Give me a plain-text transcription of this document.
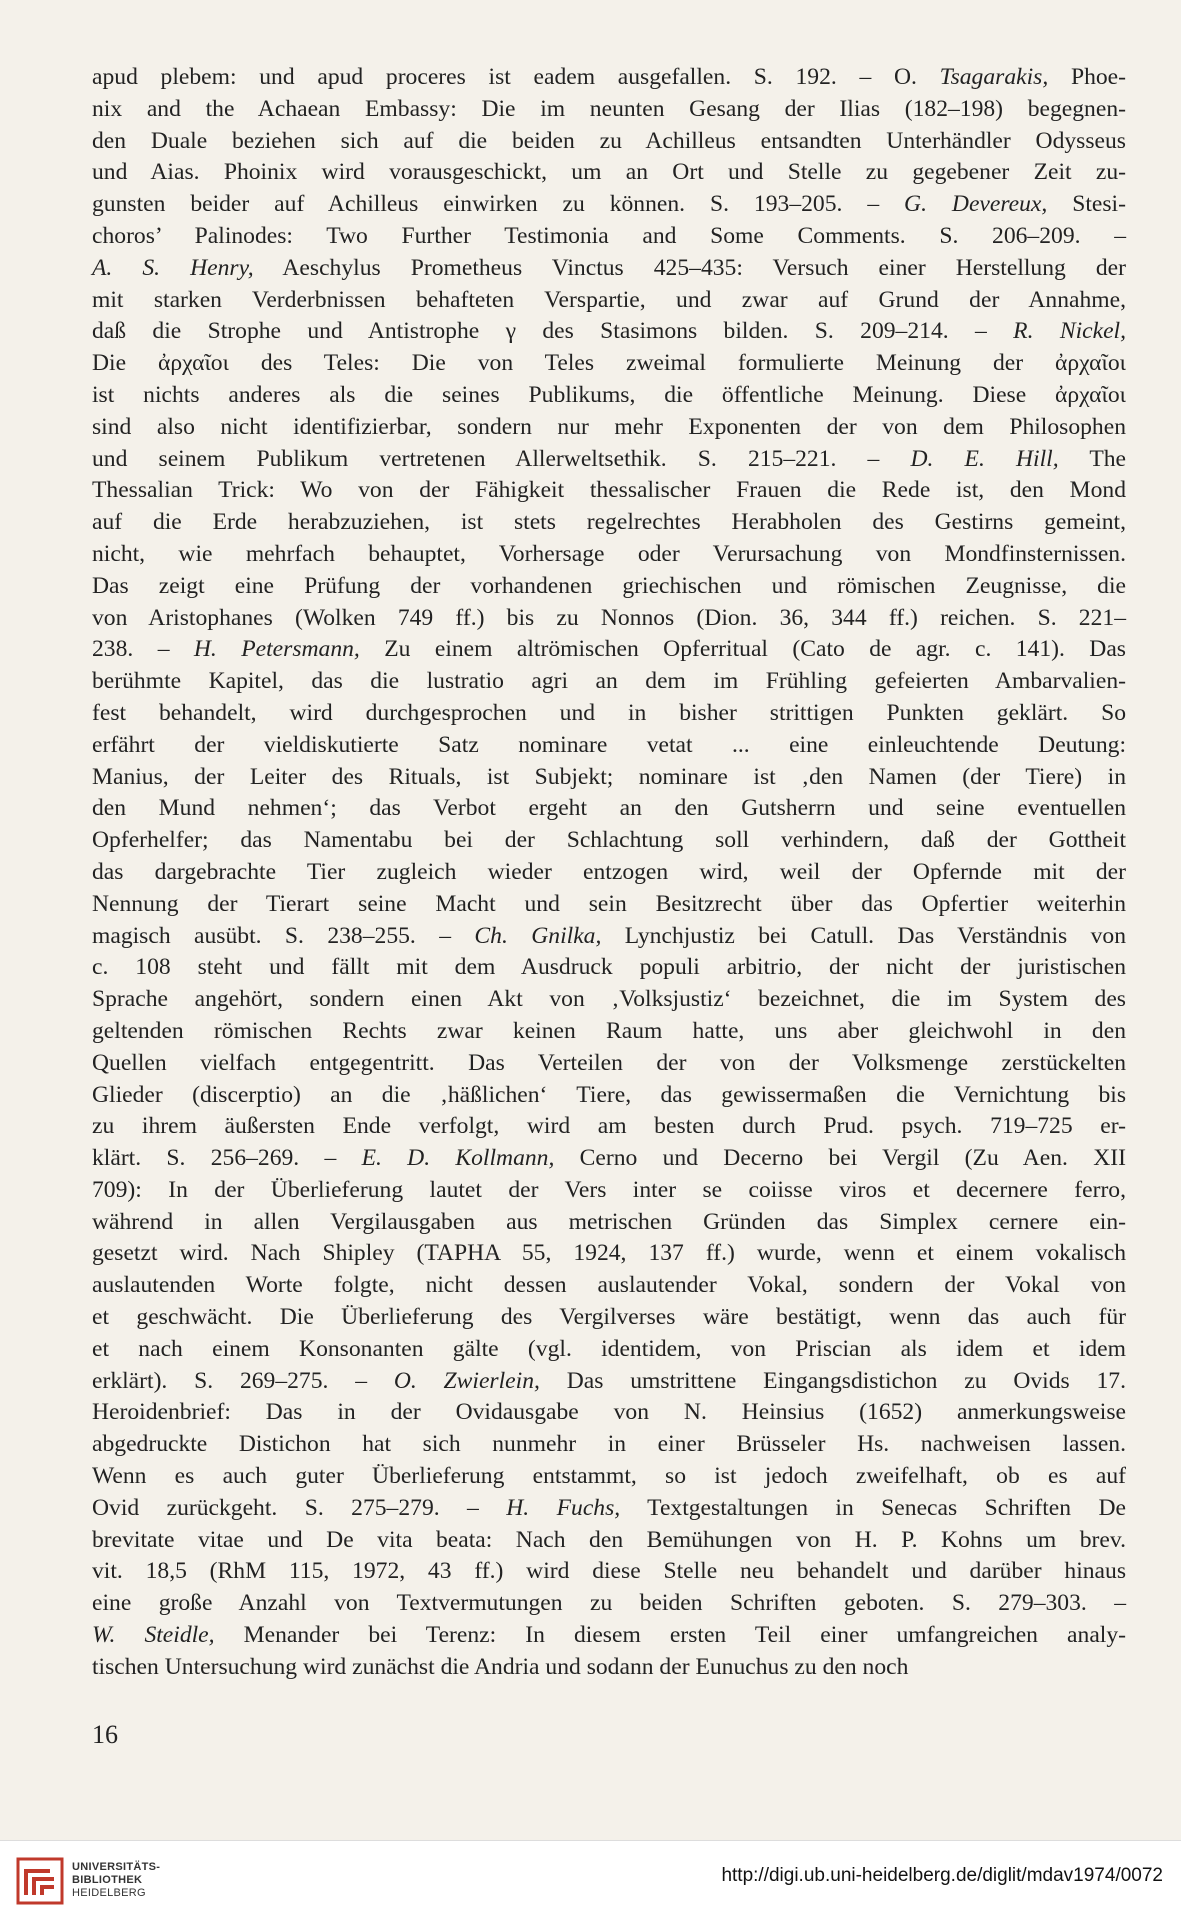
apud plebem: und apud proceres ist eadem ausgefallen. S. 192. – O. Tsagarakis, Phoe-
nix and the Achaean Embassy: Die im neunten Gesang der Ilias (182–198) begegnen-
den Duale beziehen sich auf die beiden zu Achilleus entsandten Unterhändler Odysseus
und Aias. Phoinix wird vorausgeschickt, um an Ort und Stelle zu gegebener Zeit zu-
gunsten beider auf Achilleus einwirken zu können. S. 193–205. – G. Devereux, Stesi-
choros’ Palinodes: Two Further Testimonia and Some Comments. S. 206–209. –
A. S. Henry, Aeschylus Prometheus Vinctus 425–435: Versuch einer Herstellung der
mit starken Verderbnissen behafteten Verspartie, und zwar auf Grund der Annahme,
daß die Strophe und Antistrophe γ des Stasimons bilden. S. 209–214. – R. Nickel,
Die ἀρχαῖοι des Teles: Die von Teles zweimal formulierte Meinung der ἀρχαῖοι
ist nichts anderes als die seines Publikums, die öffentliche Meinung. Diese ἀρχαῖοι
sind also nicht identifizierbar, sondern nur mehr Exponenten der von dem Philosophen
und seinem Publikum vertretenen Allerweltsethik. S. 215–221. – D. E. Hill, The
Thessalian Trick: Wo von der Fähigkeit thessalischer Frauen die Rede ist, den Mond
auf die Erde herabzuziehen, ist stets regelrechtes Herabholen des Gestirns gemeint,
nicht, wie mehrfach behauptet, Vorhersage oder Verursachung von Mondfinsternissen.
Das zeigt eine Prüfung der vorhandenen griechischen und römischen Zeugnisse, die
von Aristophanes (Wolken 749 ff.) bis zu Nonnos (Dion. 36, 344 ff.) reichen. S. 221–
238. – H. Petersmann, Zu einem altrömischen Opferritual (Cato de agr. c. 141). Das
berühmte Kapitel, das die lustratio agri an dem im Frühling gefeierten Ambarvalien-
fest behandelt, wird durchgesprochen und in bisher strittigen Punkten geklärt. So
erfährt der vieldiskutierte Satz nominare vetat ... eine einleuchtende Deutung:
Manius, der Leiter des Rituals, ist Subjekt; nominare ist ‚den Namen (der Tiere) in
den Mund nehmen‘; das Verbot ergeht an den Gutsherrn und seine eventuellen
Opferhelfer; das Namentabu bei der Schlachtung soll verhindern, daß der Gottheit
das dargebrachte Tier zugleich wieder entzogen wird, weil der Opfernde mit der
Nennung der Tierart seine Macht und sein Besitzrecht über das Opfertier weiterhin
magisch ausübt. S. 238–255. – Ch. Gnilka, Lynchjustiz bei Catull. Das Verständnis von
c. 108 steht und fällt mit dem Ausdruck populi arbitrio, der nicht der juristischen
Sprache angehört, sondern einen Akt von ‚Volksjustiz‘ bezeichnet, die im System des
geltenden römischen Rechts zwar keinen Raum hatte, uns aber gleichwohl in den
Quellen vielfach entgegentritt. Das Verteilen der von der Volksmenge zerstückelten
Glieder (discerptio) an die ‚häßlichen‘ Tiere, das gewissermaßen die Vernichtung bis
zu ihrem äußersten Ende verfolgt, wird am besten durch Prud. psych. 719–725 er-
klärt. S. 256–269. – E. D. Kollmann, Cerno und Decerno bei Vergil (Zu Aen. XII
709): In der Überlieferung lautet der Vers inter se coiisse viros et decernere ferro,
während in allen Vergilausgaben aus metrischen Gründen das Simplex cernere ein-
gesetzt wird. Nach Shipley (TAPHA 55, 1924, 137 ff.) wurde, wenn et einem vokalisch
auslautenden Worte folgte, nicht dessen auslautender Vokal, sondern der Vokal von
et geschwächt. Die Überlieferung des Vergilverses wäre bestätigt, wenn das auch für
et nach einem Konsonanten gälte (vgl. identidem, von Priscian als idem et idem
erklärt). S. 269–275. – O. Zwierlein, Das umstrittene Eingangsdistichon zu Ovids 17.
Heroidenbrief: Das in der Ovidausgabe von N. Heinsius (1652) anmerkungsweise
abgedruckte Distichon hat sich nunmehr in einer Brüsseler Hs. nachweisen lassen.
Wenn es auch guter Überlieferung entstammt, so ist jedoch zweifelhaft, ob es auf
Ovid zurückgeht. S. 275–279. – H. Fuchs, Textgestaltungen in Senecas Schriften De
brevitate vitae und De vita beata: Nach den Bemühungen von H. P. Kohns um brev.
vit. 18,5 (RhM 115, 1972, 43 ff.) wird diese Stelle neu behandelt und darüber hinaus
eine große Anzahl von Textvermutungen zu beiden Schriften geboten. S. 279–303. –
W. Steidle, Menander bei Terenz: In diesem ersten Teil einer umfangreichen analy-
tischen Untersuchung wird zunächst die Andria und sodann der Eunuchus zu den noch
16
UNIVERSITÄTS-
BIBLIOTHEK
HEIDELBERG
http://digi.ub.uni-heidelberg.de/diglit/mdav1974/0072
